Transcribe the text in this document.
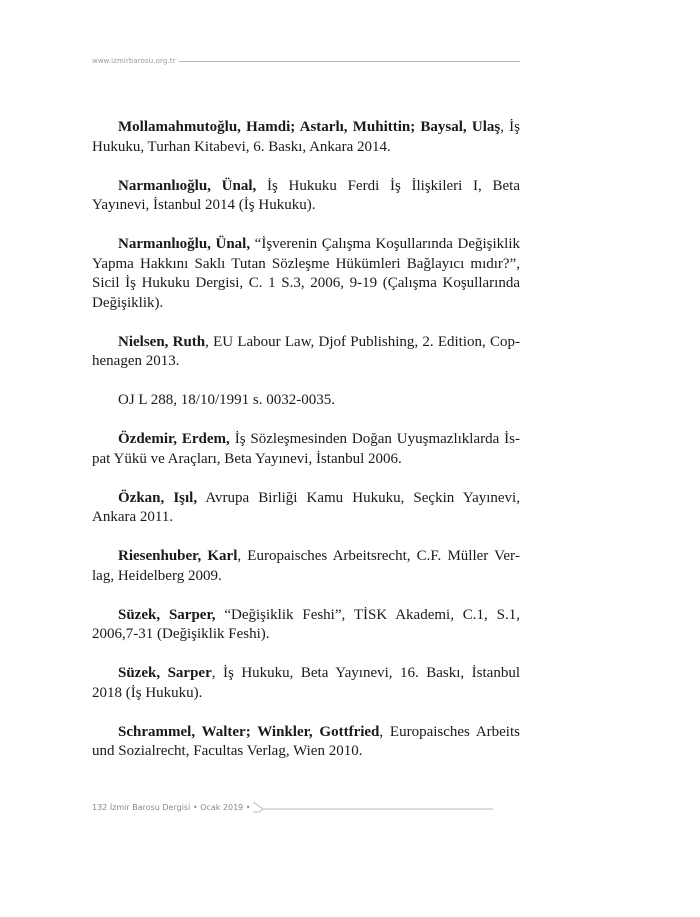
www.izmirbarosu.org.tr

Mollamahmutoğlu, Hamdi; Astarlı, Muhittin; Baysal, Ulaş, İş Hukuku, Turhan Kitabevi, 6. Baskı, Ankara 2014.

Narmanlıoğlu, Ünal, İş Hukuku Ferdi İş İlişkileri I, Beta Yayınevi, İstanbul 2014 (İş Hukuku).

Narmanlıoğlu, Ünal, “İşverenin Çalışma Koşullarında Değişiklik Yapma Hakkını Saklı Tutan Sözleşme Hükümleri Bağlayıcı mıdır?”, Sicil İş Hukuku Dergisi, C. 1 S.3, 2006, 9-19 (Çalışma Koşullarında Değişiklik).

Nielsen, Ruth, EU Labour Law, Djof Publishing, 2. Edition, Cophenagen 2013.

OJ L 288, 18/10/1991 s. 0032-0035.

Özdemir, Erdem, İş Sözleşmesinden Doğan Uyuşmazlıklarda İspat Yükü ve Araçları, Beta Yayınevi, İstanbul 2006.

Özkan, Işıl, Avrupa Birliği Kamu Hukuku, Seçkin Yayınevi, Ankara 2011.

Riesenhuber, Karl, Europaisches Arbeitsrecht, C.F. Müller Verlag, Heidelberg 2009.

Süzek, Sarper, “Değişiklik Feshi”, TİSK Akademi, C.1, S.1, 2006,7-31 (Değişiklik Feshi).

Süzek, Sarper, İş Hukuku, Beta Yayınevi, 16. Baskı, İstanbul 2018 (İş Hukuku).

Schrammel, Walter; Winkler, Gottfried, Europaisches Arbeits und Sozialrecht, Facultas Verlag, Wien 2010.

132 İzmir Barosu Dergisi • Ocak 2019 •
